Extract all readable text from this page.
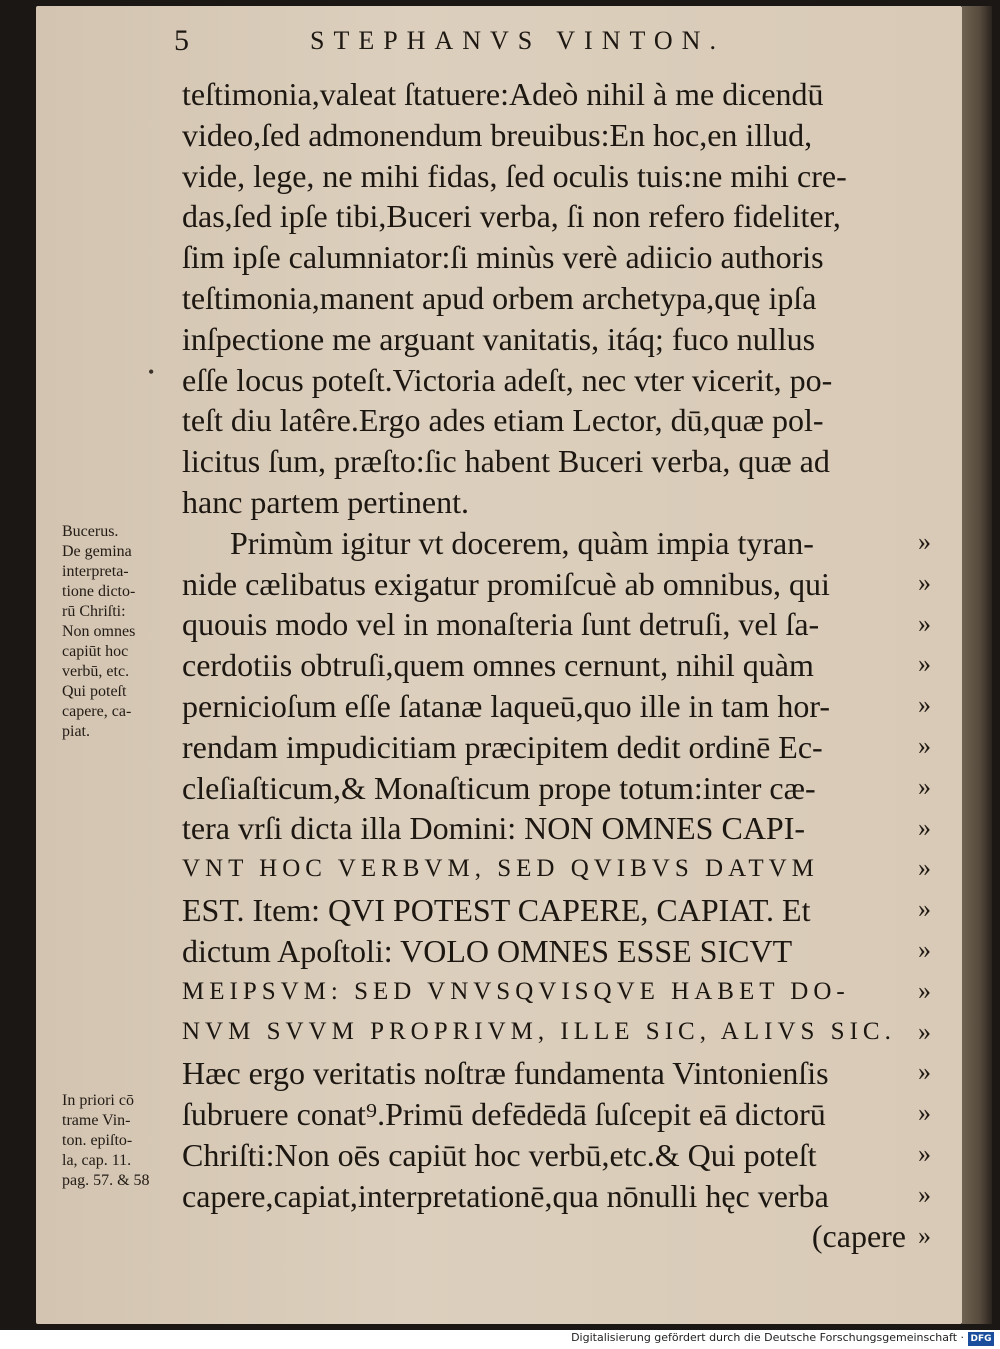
5	STEPHANVS VINTON.
•
teſtimonia,valeat ſtatuere:Adeò nihil à me dicendū
video,ſed admonendum breuibus:En hoc,en illud,
vide, lege, ne mihi fidas, ſed oculis tuis:ne mihi cre-
das,ſed ipſe tibi,Buceri verba, ſi non refero fideliter,
ſim ipſe calumniator:ſi minùs verè adiicio authoris
teſtimonia,manent apud orbem archetypa,quę ipſa
inſpectione me arguant vanitatis, itáq; fuco nullus
eſſe locus poteſt.Victoria adeſt, nec vter vicerit, po-
teſt diu latêre.Ergo ades etiam Lector, dū,quæ pol-
licitus ſum, præſto:ſic habent Buceri verba, quæ ad
hanc partem pertinent.
Primùm igitur vt docerem, quàm impia tyran-
nide cælibatus exigatur promiſcuè ab omnibus, qui
quouis modo vel in monaſteria ſunt detruſi, vel ſa-
cerdotiis obtruſi,quem omnes cernunt, nihil quàm
pernicioſum eſſe ſatanæ laqueū,quo ille in tam hor-
rendam impudicitiam præcipitem dedit ordinē Ec-
cleſiaſticum,& Monaſticum prope totum:inter cæ-
tera vrſi dicta illa Domini: NON OMNES CAPI-
VNT HOC VERBVM, SED QVIBVS DATVM
EST. Item: QVI POTEST CAPERE, CAPIAT. Et
dictum Apoſtoli: VOLO OMNES ESSE SICVT
MEIPSVM: SED VNVSQVISQVE HABET DO-
NVM SVVM PROPRIVM, ILLE SIC, ALIVS SIC.
Hæc ergo veritatis noſtræ fundamenta Vintonienſis
ſubruere conat⁹.Primū defēdēdā ſuſcepit eā dictorū
Chriſti:Non oēs capiūt hoc verbū,etc.& Qui poteſt
capere,capiat,interpretationē,qua nōnulli hęc verba
(capere
Bucerus.
De gemina
interpreta-
tione dicto-
rū Chriſti:
Non omnes
capiūt hoc
verbū, etc.
Qui poteſt
capere, ca-
piat.
In priori cō
trame Vin-
ton. epiſto-
la, cap. 11.
pag. 57. & 58
»
»
»
»
»
»
»
»
»
»
»
»
»
»
»
»
»
»
Digitalisierung gefördert durch die Deutsche Forschungsgemeinschaft · DFG
